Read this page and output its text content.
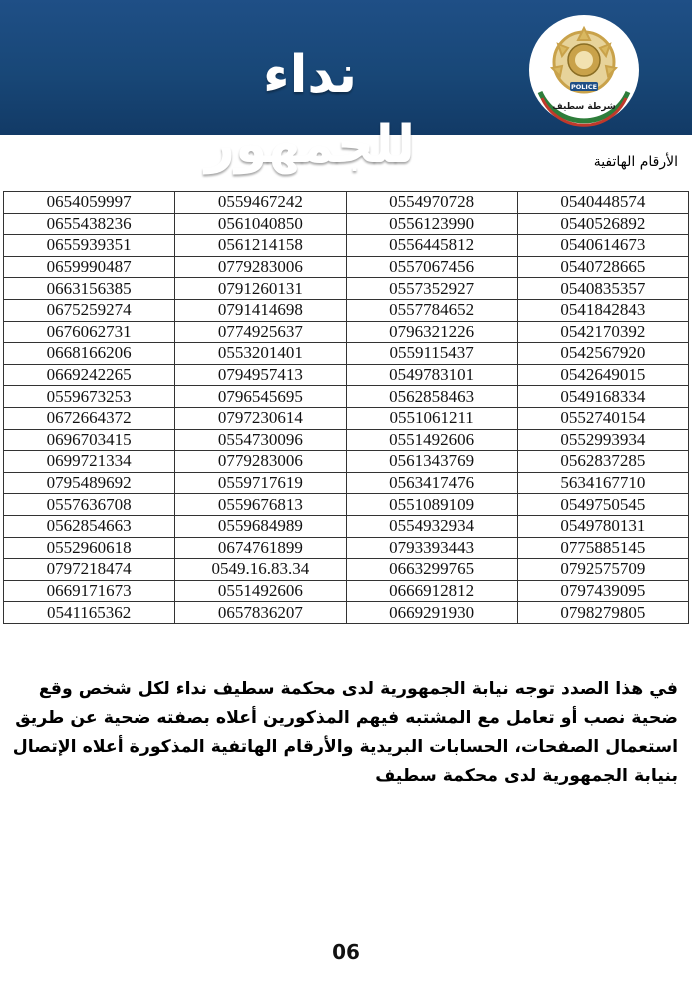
نداء للجمهور
POLICE
شرطة سطيف
الأرقام الهاتفية
0654059997	0559467242	0554970728	0540448574
0655438236	0561040850	0556123990	0540526892
0655939351	0561214158	0556445812	0540614673
0659990487	0779283006	0557067456	0540728665
0663156385	0791260131	0557352927	0540835357
0675259274	0791414698	0557784652	0541842843
0676062731	0774925637	0796321226	0542170392
0668166206	0553201401	0559115437	0542567920
0669242265	0794957413	0549783101	0542649015
0559673253	0796545695	0562858463	0549168334
0672664372	0797230614	0551061211	0552740154
0696703415	0554730096	0551492606	0552993934
0699721334	0779283006	0561343769	0562837285
0795489692	0559717619	0563417476	5634167710
0557636708	0559676813	0551089109	0549750545
0562854663	0559684989	0554932934	0549780131
0552960618	0674761899	0793393443	0775885145
0797218474	0549.16.83.34	0663299765	0792575709
0669171673	0551492606	0666912812	0797439095
0541165362	0657836207	0669291930	0798279805
في هذا الصدد توجه نيابة الجمهورية لدى محكمة سطيف نداء لكل شخص وقع ضحية نصب أو تعامل مع المشتبه فيهم المذكورين أعلاه بصفته ضحية عن طريق استعمال الصفحات، الحسابات البريدية والأرقام الهاتفية المذكورة أعلاه الإتصال بنيابة الجمهورية لدى محكمة سطيف
06
